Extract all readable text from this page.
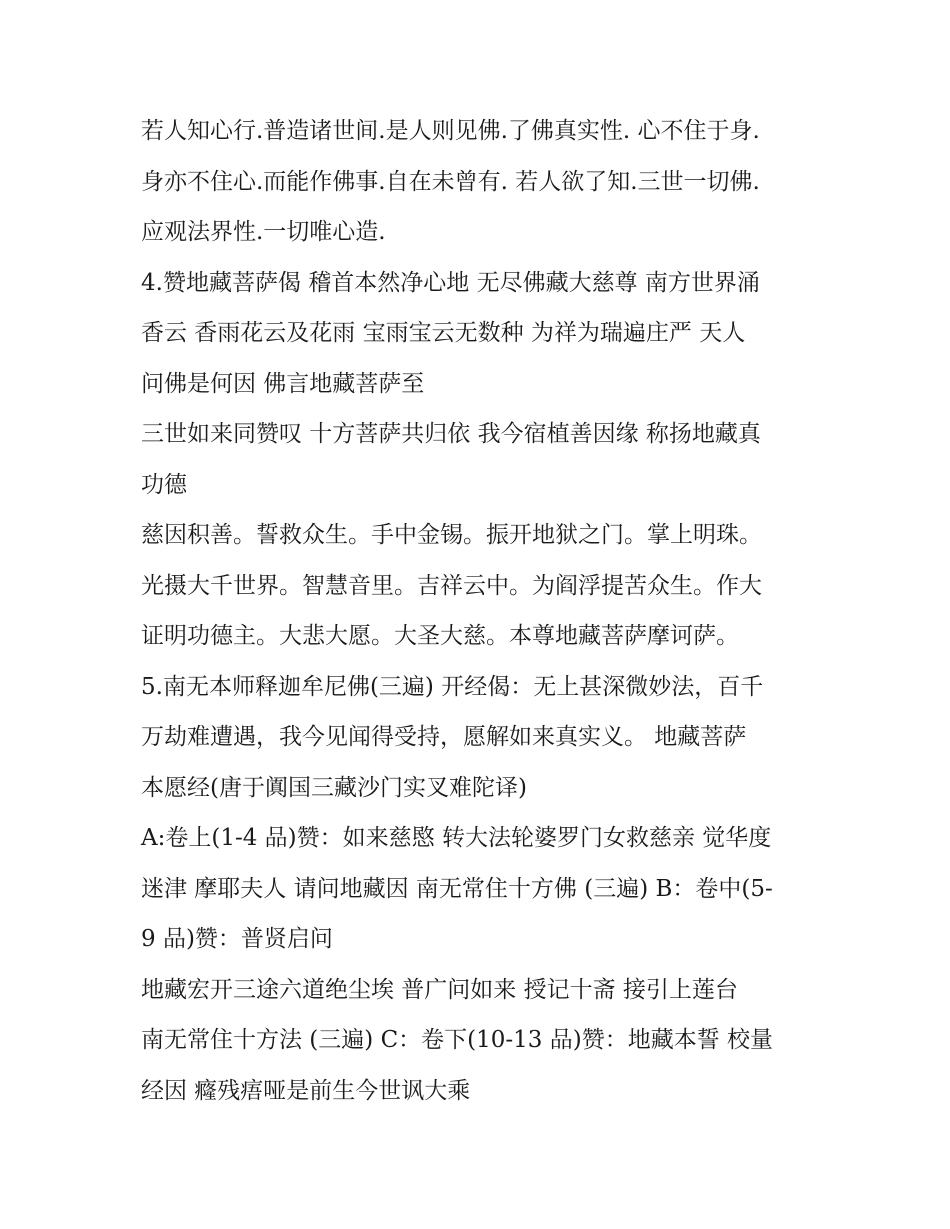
若人知心行.普造诸世间.是人则见佛.了佛真实性. 心不住于身.
身亦不住心.而能作佛事.自在未曾有. 若人欲了知.三世一切佛.
应观法界性.一切唯心造.
4.赞地藏菩萨偈 稽首本然净心地 无尽佛藏大慈尊 南方世界涌
香云 香雨花云及花雨 宝雨宝云无数种 为祥为瑞遍庄严 天人
问佛是何因 佛言地藏菩萨至
三世如来同赞叹 十方菩萨共归依 我今宿植善因缘 称扬地藏真
功德
慈因积善。誓救众生。手中金锡。振开地狱之门。掌上明珠。
光摄大千世界。智慧音里。吉祥云中。为阎浮提苦众生。作大
证明功德主。大悲大愿。大圣大慈。本尊地藏菩萨摩诃萨。
5.南无本师释迦牟尼佛(三遍) 开经偈：无上甚深微妙法，百千
万劫难遭遇，我今见闻得受持，愿解如来真实义。 地藏菩萨
本愿经(唐于阗国三藏沙门实叉难陀译)
A:卷上(1-4 品)赞：如来慈愍 转大法轮婆罗门女救慈亲 觉华度
迷津 摩耶夫人 请问地藏因 南无常住十方佛 (三遍) B：卷中(5-
9 品)赞：普贤启问
地藏宏开三途六道绝尘埃 普广问如来 授记十斋 接引上莲台
南无常住十方法 (三遍) C：卷下(10-13 品)赞：地藏本誓 校量
经因 癃残痦哑是前生今世讽大乘
